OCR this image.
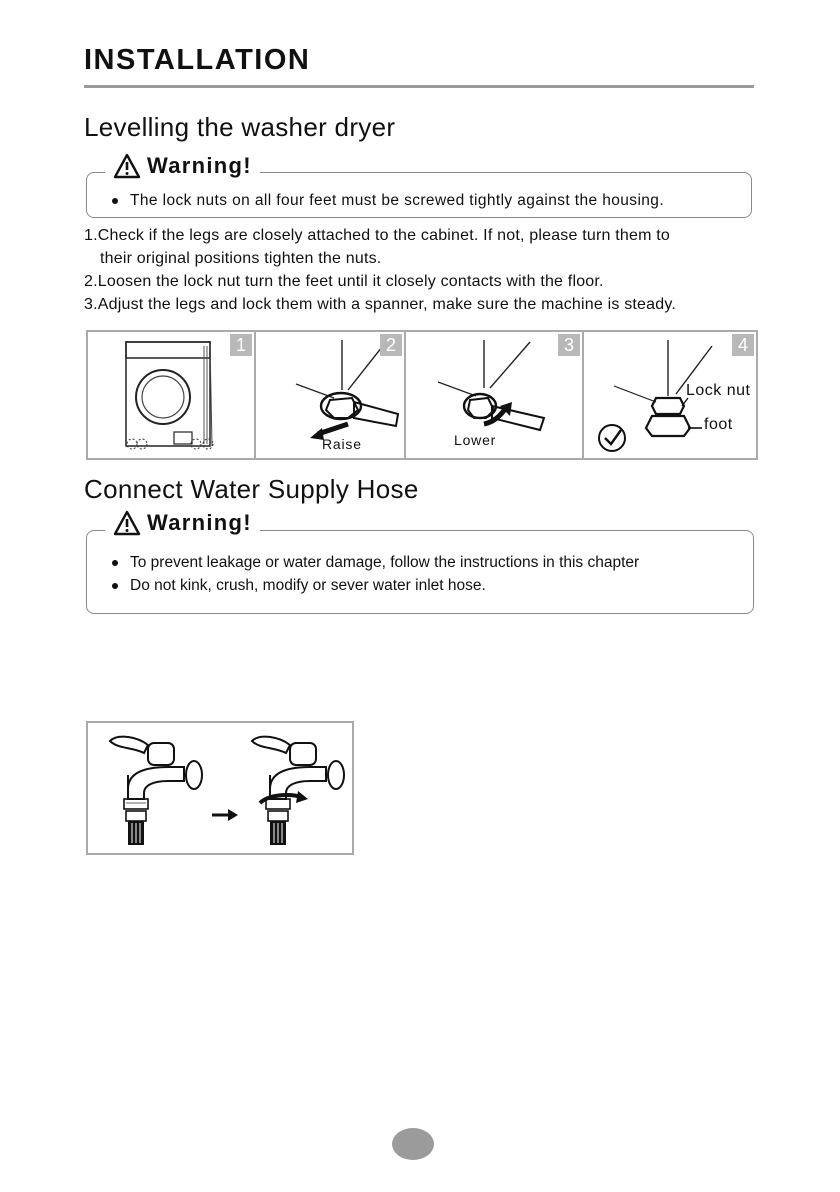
INSTALLATION
Levelling the washer dryer
Warning!
The lock nuts on all four feet must be screwed tightly against the housing.
1.Check if the legs are closely attached to the cabinet. If not, please turn them to
their original positions tighten the nuts.
2.Loosen the lock nut turn the feet until it closely contacts with the floor.
3.Adjust the legs and lock them with a spanner, make sure the machine is steady.
1	2
Raise
3
Lower
4
Lock nut
foot
Connect Water Supply Hose
Warning!
To prevent leakage or water damage, follow the instructions in this chapter
Do not kink, crush, modify or sever water inlet hose.
